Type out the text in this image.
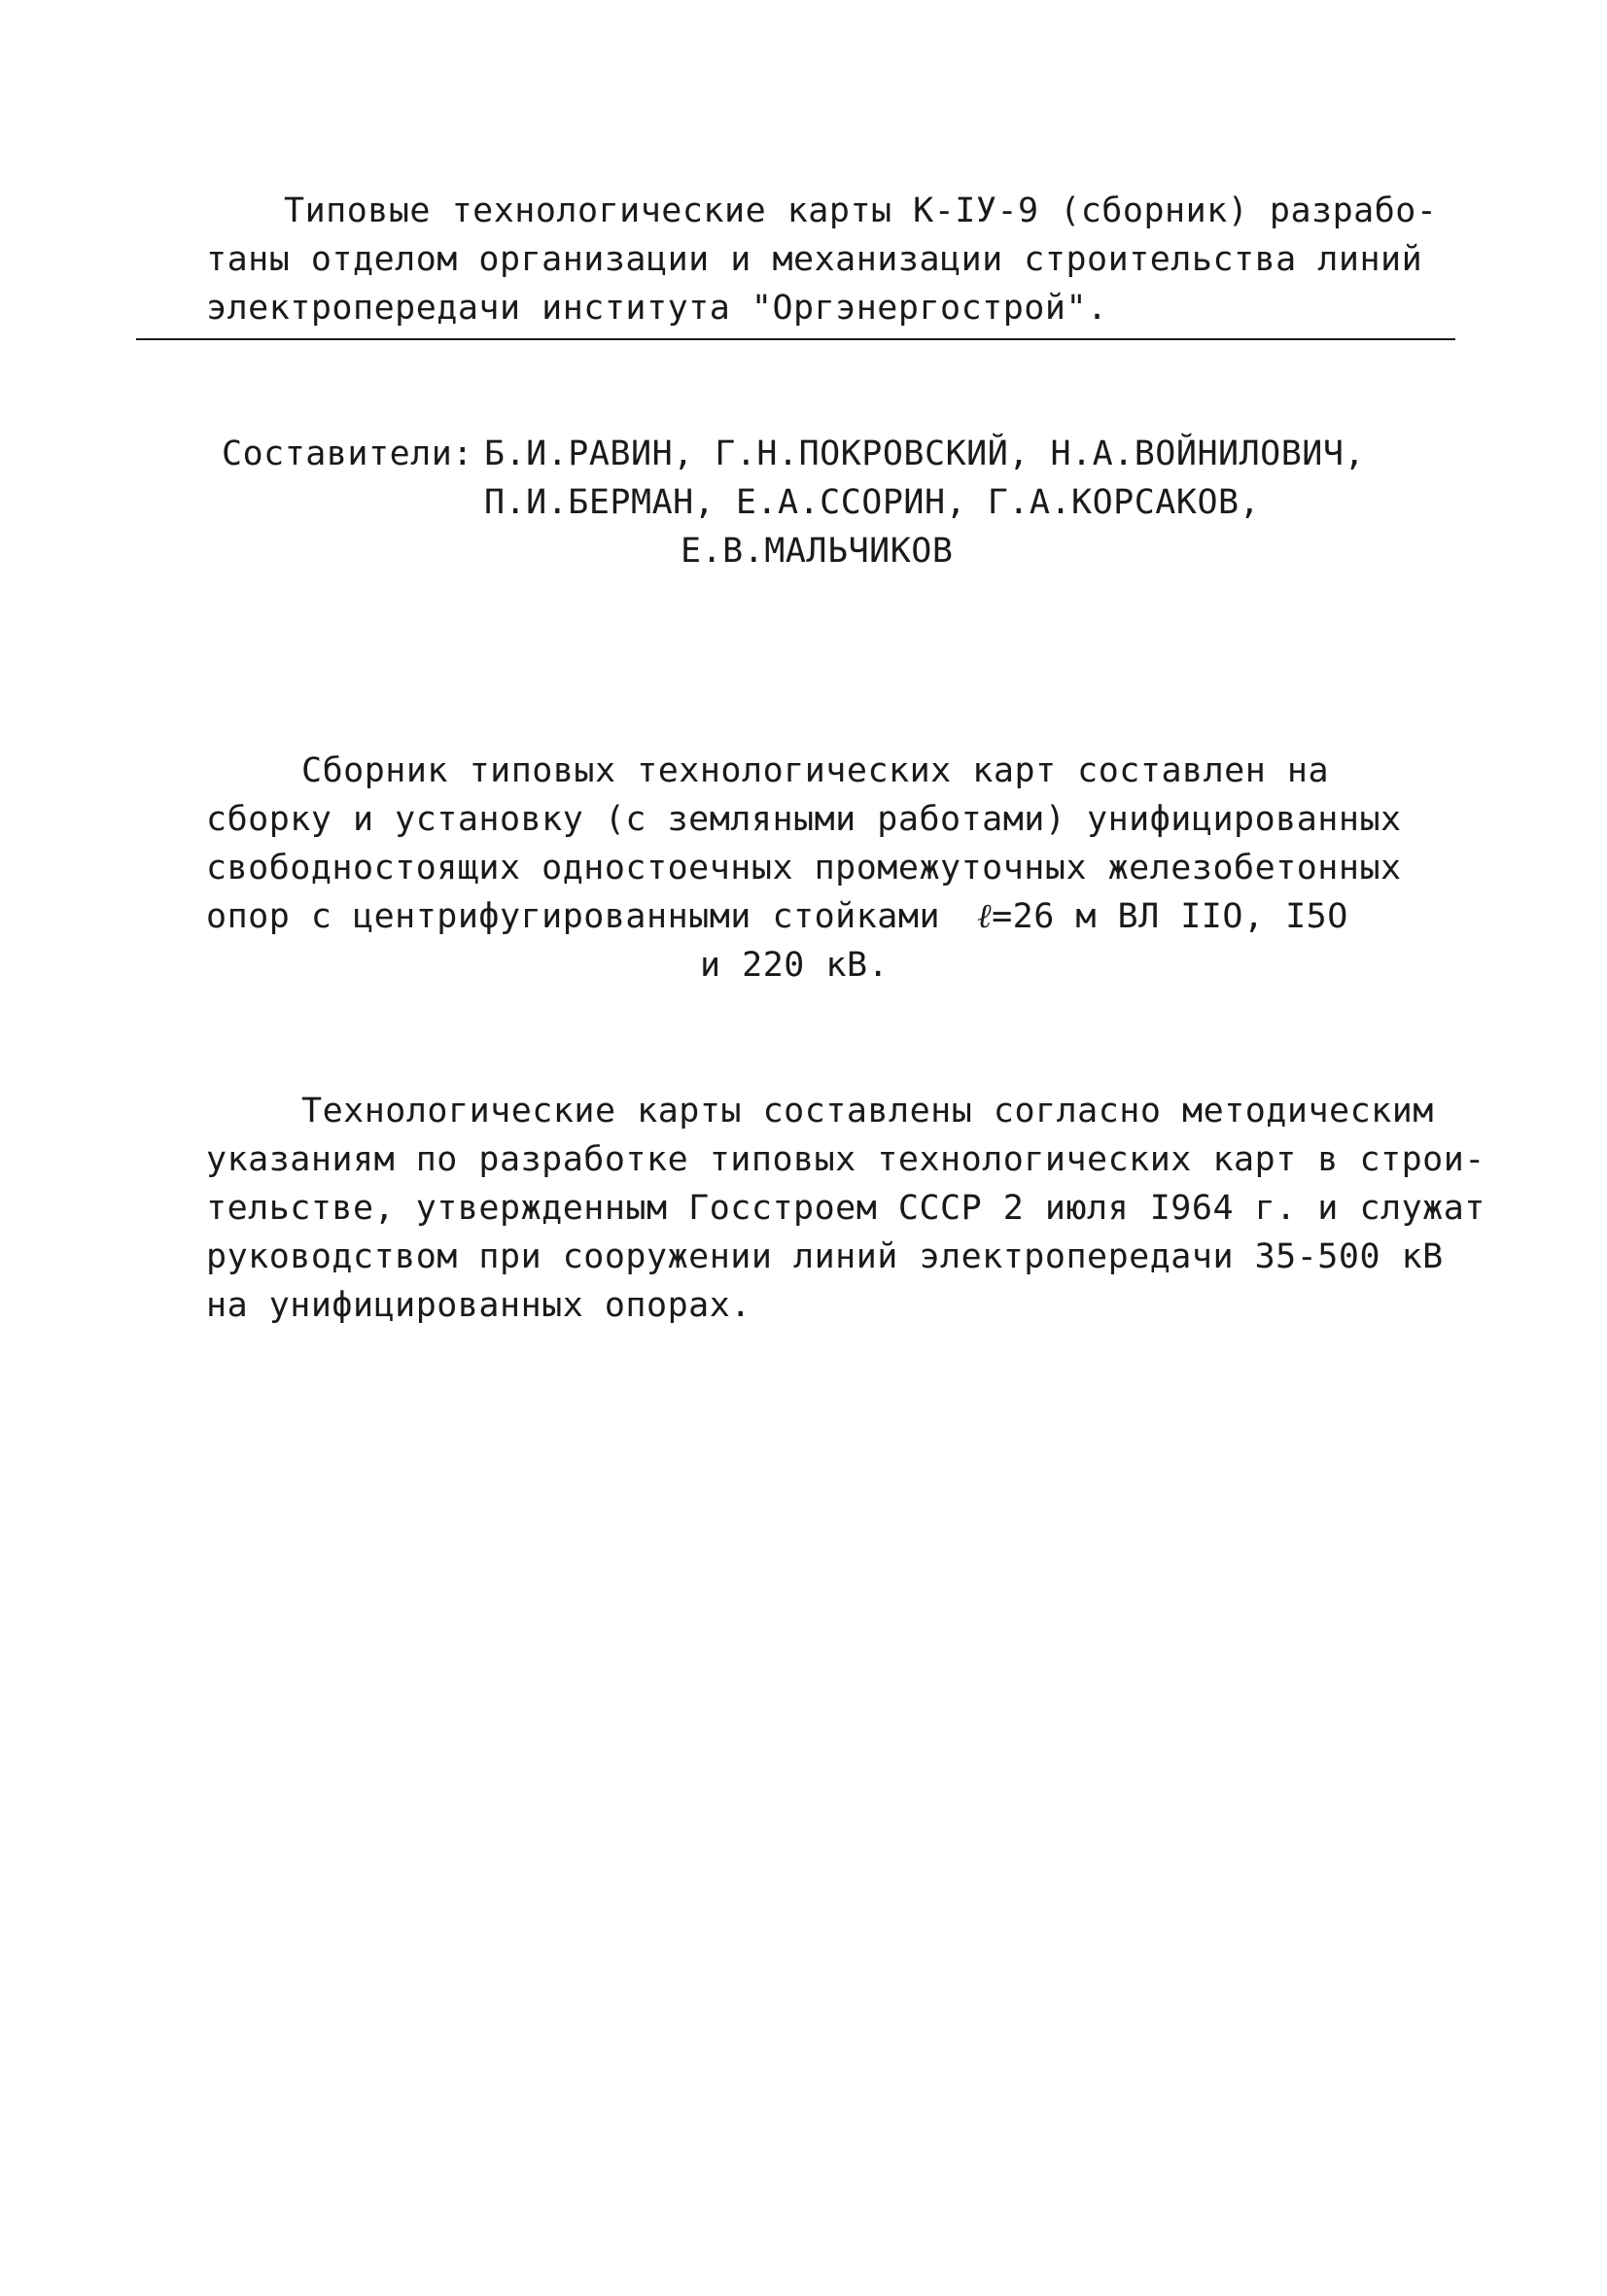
Типовые технологические карты К-IУ-9 (сборник) разрабо-
таны отделом организации и механизации строительства линий
электропередачи института "Оргэнергострой".
Составители: Б.И.РАВИН, Г.Н.ПОКРОВСКИЙ, Н.А.ВОЙНИЛОВИЧ,
П.И.БЕРМАН, Е.А.ССОРИН, Г.А.КОРСАКОВ,
Е.В.МАЛЬЧИКОВ
Сборник типовых технологических карт составлен на
сборку и установку (с земляными работами) унифицированных
свободностоящих одностоечных промежуточных железобетонных
опор с центрифугированными стойками ℓ=26 м ВЛ IIO, I5O
и 220 кВ.
Технологические карты составлены согласно методическим
указаниям по разработке типовых технологических карт в строи-
тельстве, утвержденным Госстроем СССР 2 июля I964 г. и служат
руководством при сооружении линий электропередачи 35-500 кВ
на унифицированных опорах.
